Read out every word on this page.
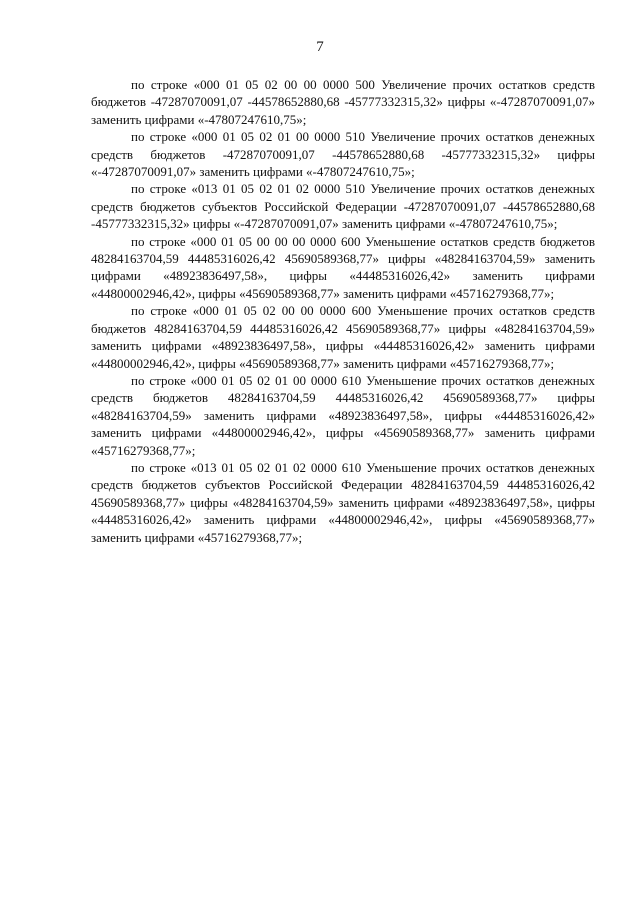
7

по строке «000 01 05 02 00 00 0000 500 Увеличение прочих остатков средств бюджетов -47287070091,07 -44578652880,68 -45777332315,32» цифры «-47287070091,07» заменить цифрами «-47807247610,75»;

по строке «000 01 05 02 01 00 0000 510 Увеличение прочих остатков денежных средств бюджетов -47287070091,07 -44578652880,68 -45777332315,32» цифры «-47287070091,07» заменить цифрами «-47807247610,75»;

по строке «013 01 05 02 01 02 0000 510 Увеличение прочих остатков денежных средств бюджетов субъектов Российской Федерации -47287070091,07 -44578652880,68 -45777332315,32» цифры «-47287070091,07» заменить цифрами «-47807247610,75»;

по строке «000 01 05 00 00 00 0000 600 Уменьшение остатков средств бюджетов 48284163704,59 44485316026,42 45690589368,77» цифры «48284163704,59» заменить цифрами «48923836497,58», цифры «44485316026,42» заменить цифрами «44800002946,42», цифры «45690589368,77» заменить цифрами «45716279368,77»;

по строке «000 01 05 02 00 00 0000 600 Уменьшение прочих остатков средств бюджетов 48284163704,59 44485316026,42 45690589368,77» цифры «48284163704,59» заменить цифрами «48923836497,58», цифры «44485316026,42» заменить цифрами «44800002946,42», цифры «45690589368,77» заменить цифрами «45716279368,77»;

по строке «000 01 05 02 01 00 0000 610 Уменьшение прочих остатков денежных средств бюджетов 48284163704,59 44485316026,42 45690589368,77» цифры «48284163704,59» заменить цифрами «48923836497,58», цифры «44485316026,42» заменить цифрами «44800002946,42», цифры «45690589368,77» заменить цифрами «45716279368,77»;

по строке «013 01 05 02 01 02 0000 610 Уменьшение прочих остатков денежных средств бюджетов субъектов Российской Федерации 48284163704,59 44485316026,42 45690589368,77» цифры «48284163704,59» заменить цифрами «48923836497,58», цифры «44485316026,42» заменить цифрами «44800002946,42», цифры «45690589368,77» заменить цифрами «45716279368,77»;
